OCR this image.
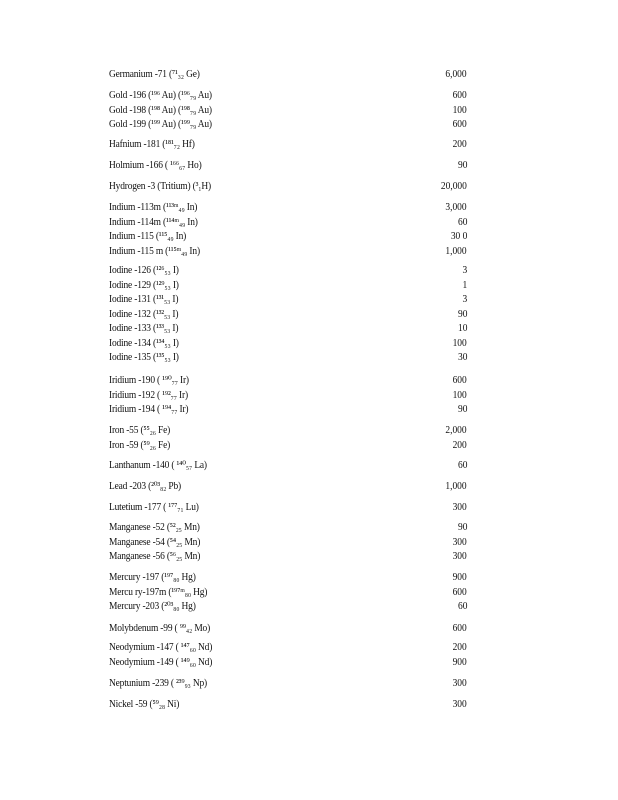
Germanium -71 (⁷¹₃₂ Ge)	6,000
Gold -196 (¹⁹⁶ Au) (¹⁹⁶₇₉ Au)	600
Gold -198 (¹⁹⁸ Au) (¹⁹⁸₇₉ Au)	100
Gold -199 (¹⁹⁹ Au) (¹⁹⁹₇₉ Au)	600
Hafnium -181 (¹⁸¹₇₂ Hf)	200
Holmium -166 ( ¹⁶⁶₆₇ Ho)	90
Hydrogen -3 (Tritium) (³₁H)	20,000
Indium -113m (¹¹³ᵐ₄₉ In)	3,000
Indium -114m (¹¹⁴ᵐ₄₉ In)	60
Indium -115 (¹¹⁵₄₉ In)	30 0
Indium -115 m (¹¹⁵ᵐ₄₉ In)	1,000
Iodine -126 (¹²⁶₅₃ I)	3
Iodine -129 (¹²⁹₅₃ I)	1
Iodine -131 (¹³¹₅₃ I)	3
Iodine -132 (¹³²₅₃ I)	90
Iodine -133 (¹³³₅₃ I)	10
Iodine -134 (¹³⁴₅₃ I)	100
Iodine -135 (¹³⁵₅₃ I)	30
Iridium -190 ( ¹⁹⁰₇₇ Ir)	600
Iridium -192 ( ¹⁹²₇₇ Ir)	100
Iridium -194 ( ¹⁹⁴₇₇ Ir)	90
Iron -55 (⁵⁵₂₆ Fe)	2,000
Iron -59 (⁵⁹₂₆ Fe)	200
Lanthanum -140 ( ¹⁴⁰₅₇ La)	60
Lead -203 (²⁰³₈₂ Pb)	1,000
Lutetium -177 ( ¹⁷⁷₇₁ Lu)	300
Manganese -52 (⁵²₂₅ Mn)	90
Manganese -54 (⁵⁴₂₅ Mn)	300
Manganese -56 (⁵⁶₂₅ Mn)	300
Mercury -197 (¹⁹⁷₈₀ Hg)	900
Mercu ry-197m (¹⁹⁷ᵐ₈₀ Hg)	600
Mercury -203 (²⁰³₈₀ Hg)	60
Molybdenum -99 ( ⁹⁹₄₂ Mo)	600
Neodymium -147 ( ¹⁴⁷₆₀ Nd)	200
Neodymium -149 ( ¹⁴⁹₆₀ Nd)	900
Neptunium -239 ( ²³⁹₉₃ Np)	300
Nickel -59 (⁵⁹₂₈ Ni)	300
